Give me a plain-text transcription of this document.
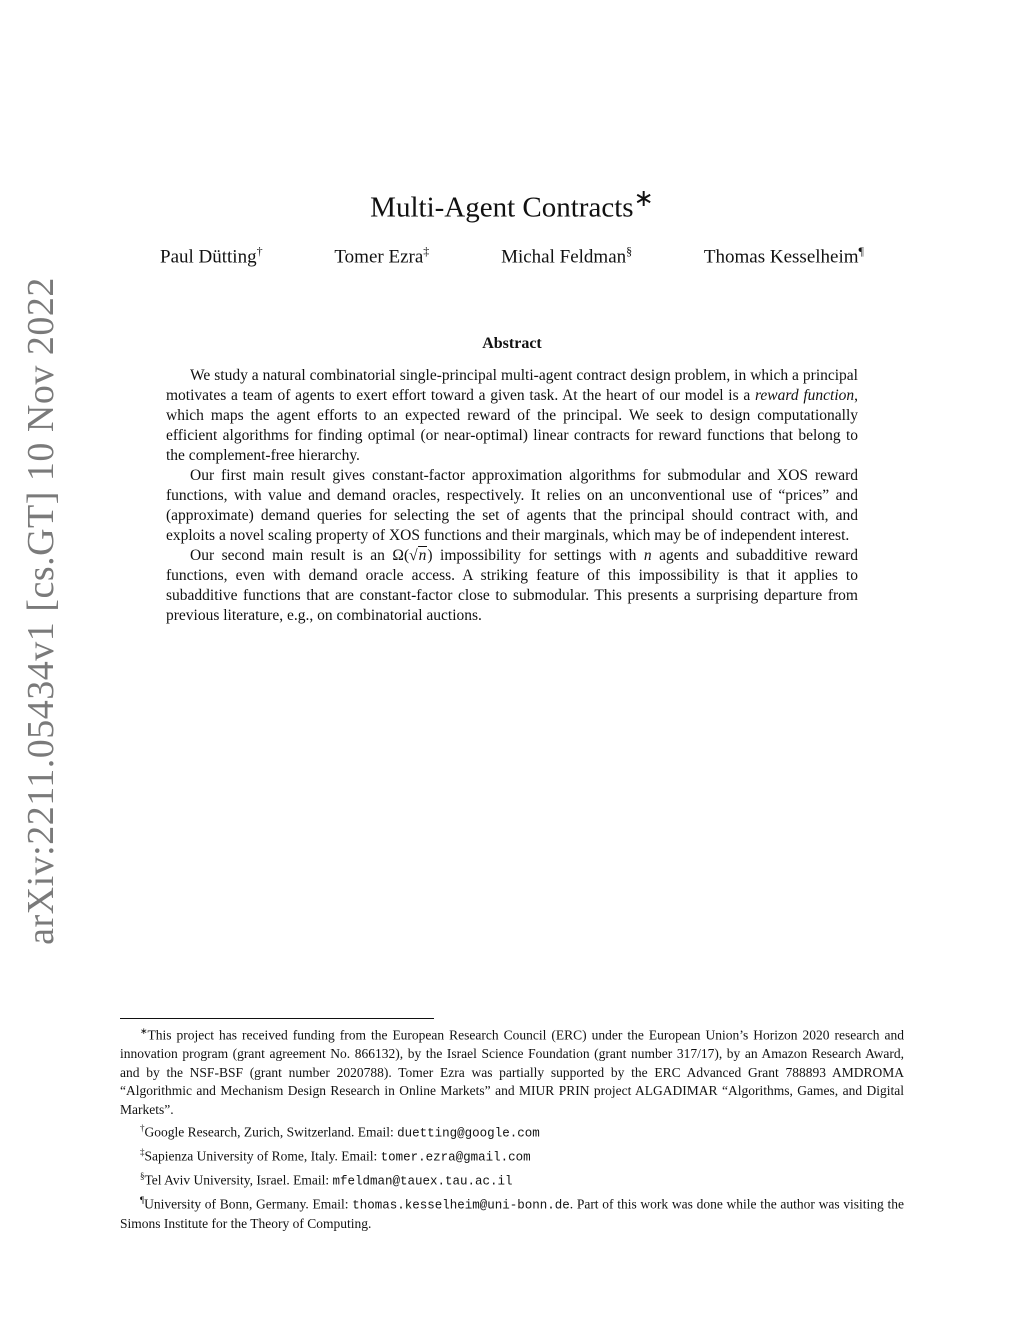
arXiv:2211.05434v1 [cs.GT] 10 Nov 2022
Multi-Agent Contracts∗
Paul Dütting†	Tomer Ezra‡	Michal Feldman§	Thomas Kesselheim¶
Abstract

We study a natural combinatorial single-principal multi-agent contract design problem, in which a principal motivates a team of agents to exert effort toward a given task. At the heart of our model is a reward function, which maps the agent efforts to an expected reward of the principal. We seek to design computationally efficient algorithms for finding optimal (or near-optimal) linear contracts for reward functions that belong to the complement-free hierarchy.

Our first main result gives constant-factor approximation algorithms for submodular and XOS reward functions, with value and demand oracles, respectively. It relies on an unconventional use of “prices” and (approximate) demand queries for selecting the set of agents that the principal should contract with, and exploits a novel scaling property of XOS functions and their marginals, which may be of independent interest.

Our second main result is an Ω(√n) impossibility for settings with n agents and subadditive reward functions, even with demand oracle access. A striking feature of this impossibility is that it applies to subadditive functions that are constant-factor close to submodular. This presents a surprising departure from previous literature, e.g., on combinatorial auctions.

∗This project has received funding from the European Research Council (ERC) under the European Union’s Horizon 2020 research and innovation program (grant agreement No. 866132), by the Israel Science Foundation (grant number 317/17), by an Amazon Research Award, and by the NSF-BSF (grant number 2020788). Tomer Ezra was partially supported by the ERC Advanced Grant 788893 AMDROMA “Algorithmic and Mechanism Design Research in Online Markets” and MIUR PRIN project ALGADIMAR “Algorithms, Games, and Digital Markets”.

†Google Research, Zurich, Switzerland. Email: duetting@google.com

‡Sapienza University of Rome, Italy. Email: tomer.ezra@gmail.com

§Tel Aviv University, Israel. Email: mfeldman@tauex.tau.ac.il

¶University of Bonn, Germany. Email: thomas.kesselheim@uni-bonn.de. Part of this work was done while the author was visiting the Simons Institute for the Theory of Computing.
